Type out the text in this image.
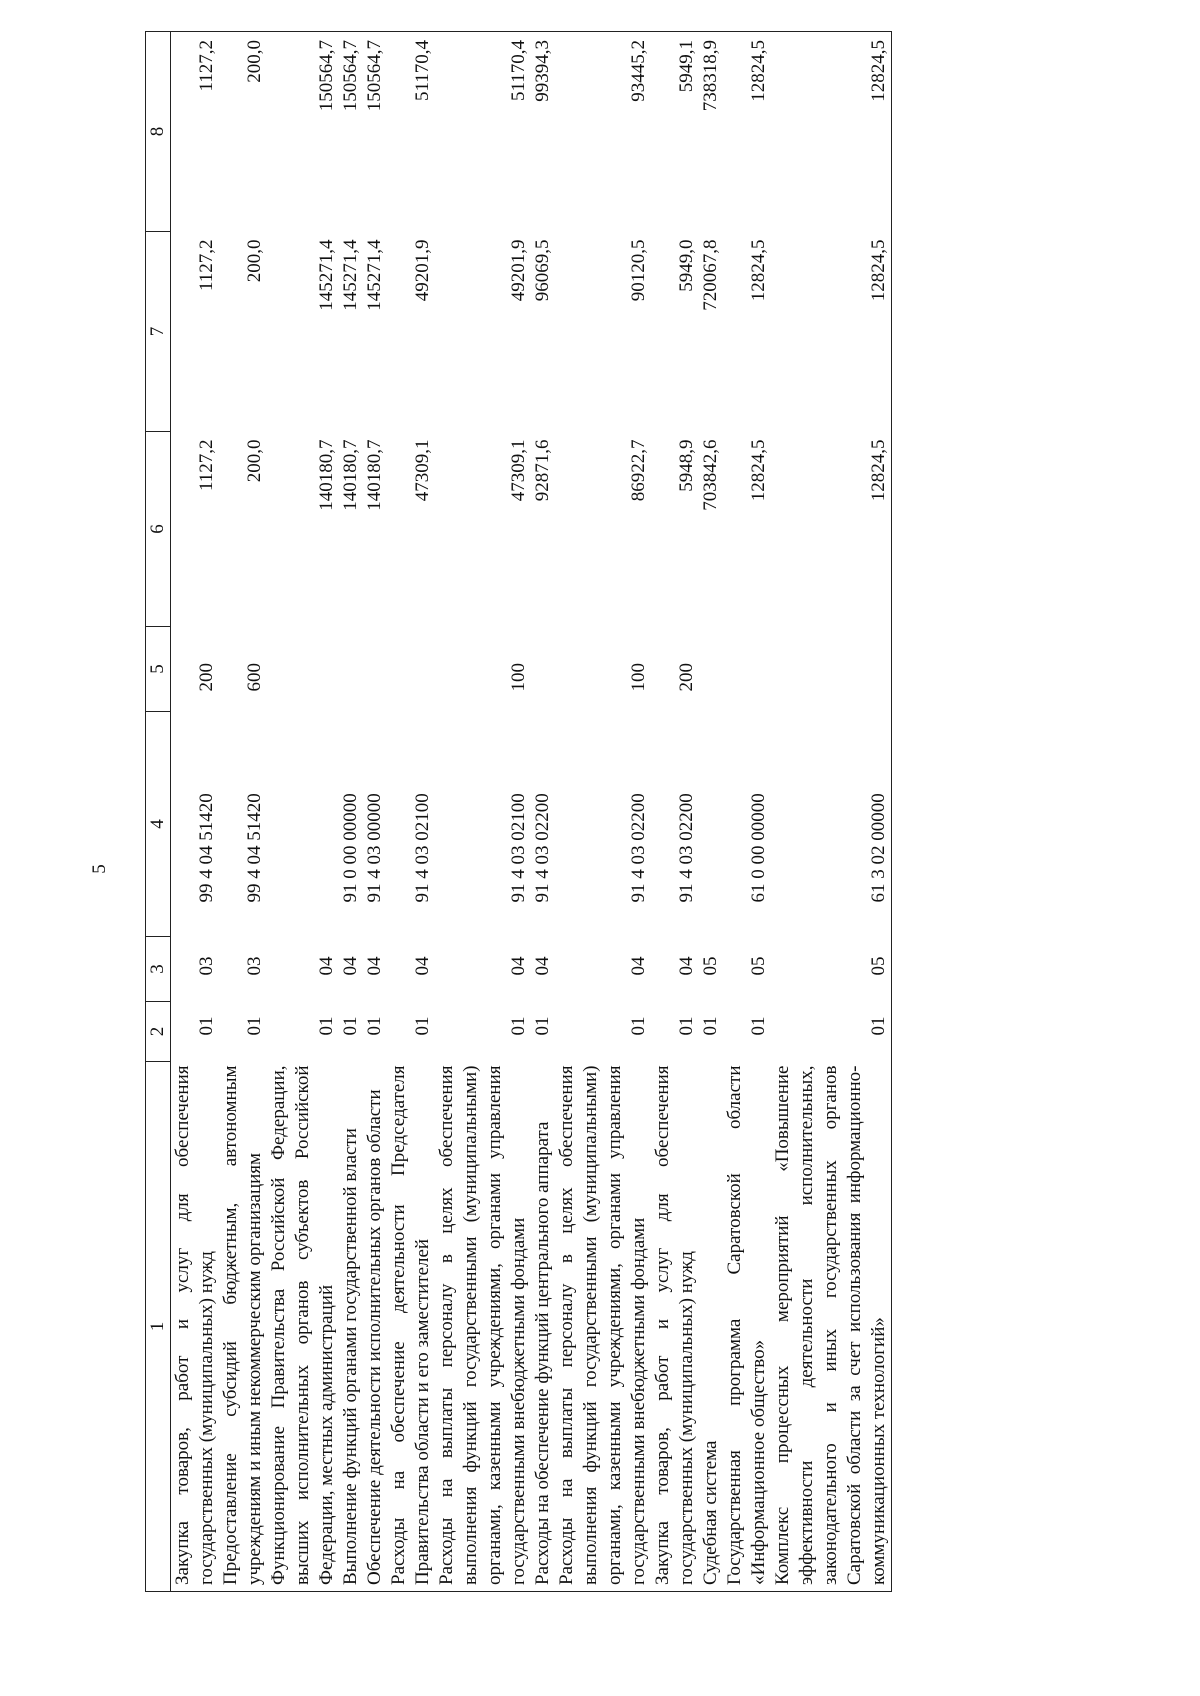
5
1	2	3	4	5	6	7	8
Закупка товаров, работ и услуг для обеспечения государственных (муниципальных) нужд	01	03	99 4 04 51420	200	1127,2	1127,2	1127,2
Предоставление субсидий бюджетным, автономным учреждениям и иным некоммерческим организациям	01	03	99 4 04 51420	600	200,0	200,0	200,0
Функционирование Правительства Российской Федерации, высших исполнительных органов субъектов Российской Федерации, местных администраций	01	04			140180,7	145271,4	150564,7
Выполнение функций органами государственной власти	01	04	91 0 00 00000		140180,7	145271,4	150564,7
Обеспечение деятельности исполнительных органов области	01	04	91 4 03 00000		140180,7	145271,4	150564,7
Расходы на обеспечение деятельности Председателя Правительства области и его заместителей	01	04	91 4 03 02100		47309,1	49201,9	51170,4
Расходы на выплаты персоналу в целях обеспечения выполнения функций государственными (муниципальными) органами, казенными учреждениями, органами управления государственными внебюджетными фондами	01	04	91 4 03 02100	100	47309,1	49201,9	51170,4
Расходы на обеспечение функций центрального аппарата	01	04	91 4 03 02200		92871,6	96069,5	99394,3
Расходы на выплаты персоналу в целях обеспечения выполнения функций государственными (муниципальными) органами, казенными учреждениями, органами управления государственными внебюджетными фондами	01	04	91 4 03 02200	100	86922,7	90120,5	93445,2
Закупка товаров, работ и услуг для обеспечения государственных (муниципальных) нужд	01	04	91 4 03 02200	200	5948,9	5949,0	5949,1
Судебная система	01	05			703842,6	720067,8	738318,9
Государственная программа Саратовской области «Информационное общество»	01	05	61 0 00 00000		12824,5	12824,5	12824,5
Комплекс процессных мероприятий «Повышение эффективности деятельности исполнительных, законодательного и иных государственных органов Саратовской области за счет использования информационно-коммуникационных технологий»	01	05	61 3 02 00000		12824,5	12824,5	12824,5
